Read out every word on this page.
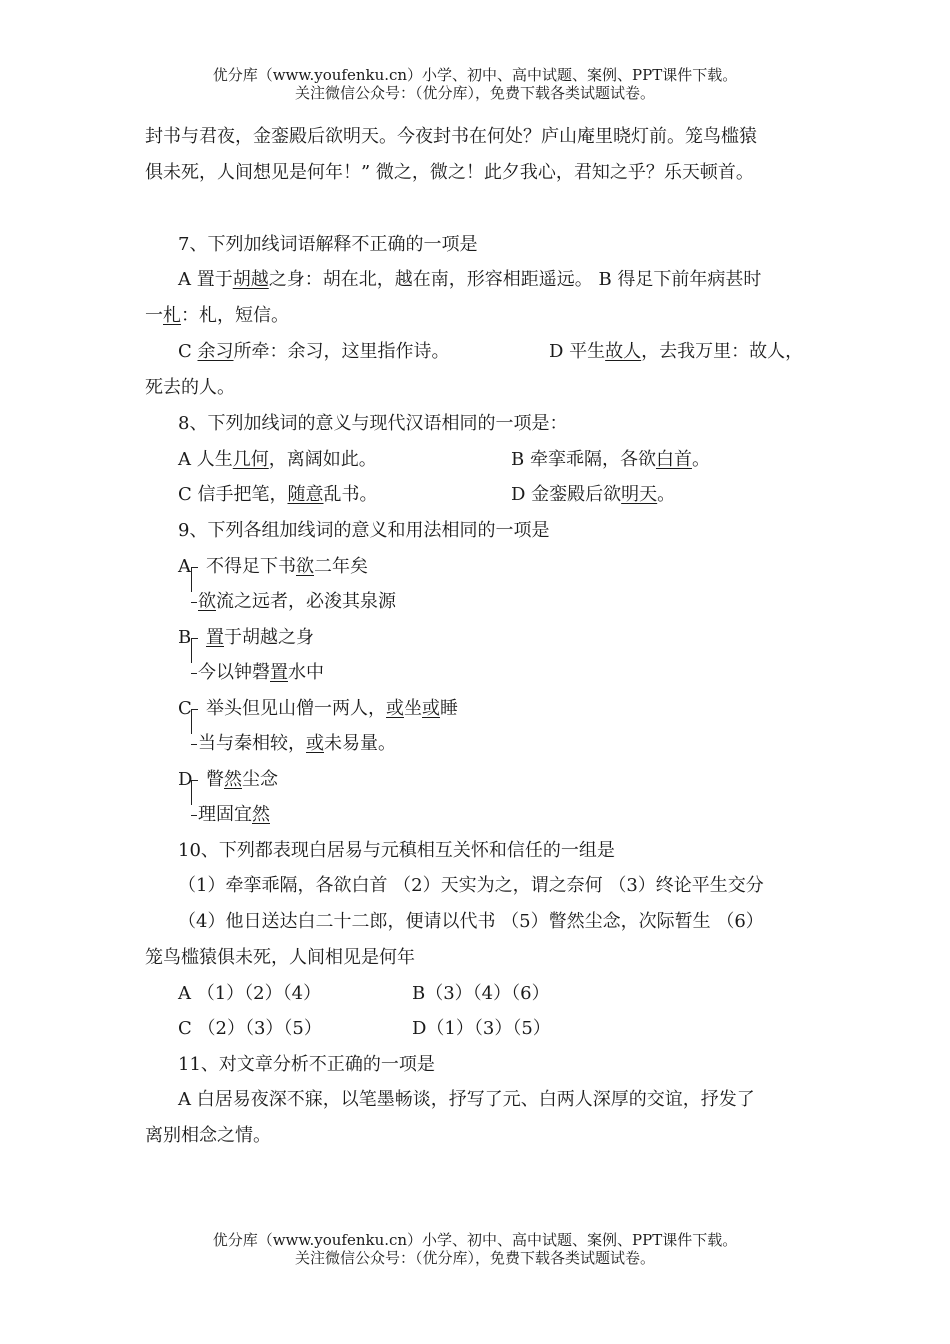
优分库（www.youfenku.cn）小学、初中、高中试题、案例、PPT课件下载。
关注微信公众号：（优分库），免费下载各类试题试卷。
封书与君夜，金銮殿后欲明天。今夜封书在何处？庐山庵里晓灯前。笼鸟槛猿
俱未死，人间想见是何年！” 微之，微之！此夕我心，君知之乎？乐天顿首。
7、下列加线词语解释不正确的一项是
A 置于胡越之身：胡在北，越在南，形容相距遥远。 B 得足下前年病甚时
一札：札，短信。
C 余习所牵：余习，这里指作诗。	D 平生故人，去我万里：故人，
死去的人。
8、下列加线词的意义与现代汉语相同的一项是：
A 人生几何，离阔如此。	B 牵挛乖隔，各欲白首。
C 信手把笔，随意乱书。	D 金銮殿后欲明天。
9、下列各组加线词的意义和用法相同的一项是
A 不得足下书欲二年矣
欲流之远者，必浚其泉源
B 置于胡越之身
今以钟磬置水中
C 举头但见山僧一两人，或坐或睡
当与秦相较，或未易量。
D 瞥然尘念
理固宜然
10、下列都表现白居易与元稹相互关怀和信任的一组是
（1）牵挛乖隔，各欲白首 （2）天实为之，谓之奈何 （3）终论平生交分
（4）他日送达白二十二郎，便请以代书 （5）瞥然尘念，次际暂生 （6）
笼鸟槛猿俱未死，人间相见是何年
A （1）（2）（4）	B（3）（4）（6）
C （2）（3）（5）	D（1）（3）（5）
11、对文章分析不正确的一项是
A 白居易夜深不寐，以笔墨畅谈，抒写了元、白两人深厚的交谊，抒发了
离别相念之情。
优分库（www.youfenku.cn）小学、初中、高中试题、案例、PPT课件下载。
关注微信公众号：（优分库），免费下载各类试题试卷。
